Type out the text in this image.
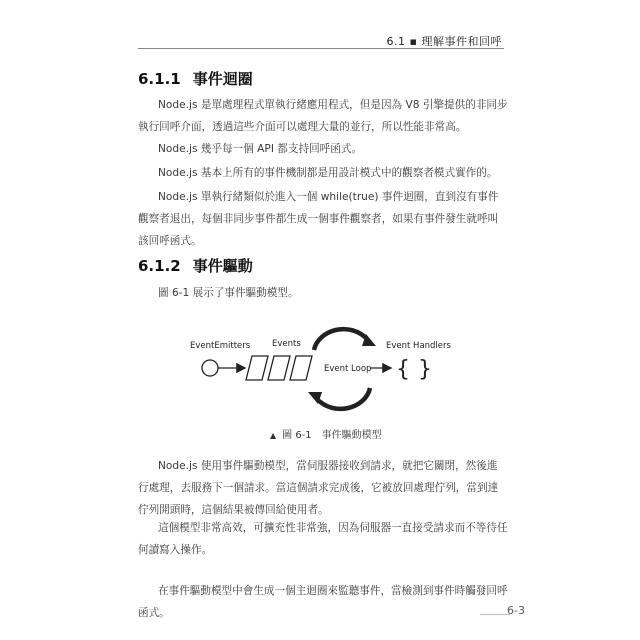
6.1 ▪ 理解事件和回呼
6.1.1 事件迴圈

Node.js 是單處理程式單執行緒應用程式，但是因為 V8 引擎提供的非同步執行回呼介面，透過這些介面可以處理大量的並行，所以性能非常高。

Node.js 幾乎每一個 API 都支持回呼函式。

Node.js 基本上所有的事件機制都是用設計模式中的觀察者模式實作的。

Node.js 單執行緒類似於進入一個 while(true) 事件迴圈，直到沒有事件觀察者退出，每個非同步事件都生成一個事件觀察者，如果有事件發生就呼叫該回呼函式。

6.1.2 事件驅動

圖 6-1 展示了事件驅動模型。

EventEmitters	Events	Event Handlers
Event Loop { }
▲ 圖 6-1　事件驅動模型

Node.js 使用事件驅動模型，當伺服器接收到請求，就把它關閉，然後進行處理，去服務下一個請求。當這個請求完成後，它被放回處理佇列，當到達佇列開頭時，這個結果被傳回給使用者。

這個模型非常高效，可擴充性非常強，因為伺服器一直接受請求而不等待任何讀寫入操作。

在事件驅動模型中會生成一個主迴圈來監聽事件，當檢測到事件時觸發回呼函式。	6-3
